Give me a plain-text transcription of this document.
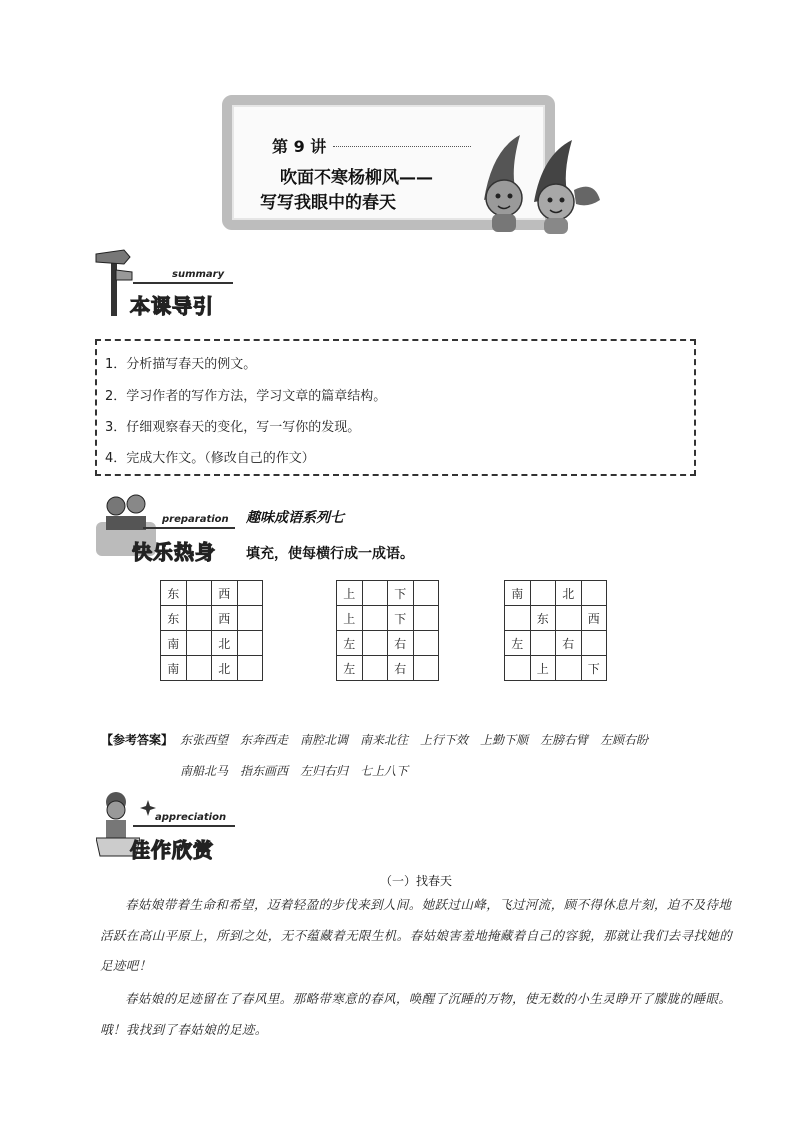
第 9 讲
吹面不寒杨柳风——
写写我眼中的春天
summary
本课导引
1．分析描写春天的例文。
2．学习作者的写作方法，学习文章的篇章结构。
3．仔细观察春天的变化，写一写你的发现。
4．完成大作文。（修改自己的作文）
preparation
快乐热身
趣味成语系列七
填充，使每横行成一成语。
东		西	
东		西	
南		北	
南		北	
上		下	
上		下	
左		右	
左		右	
南		北	
	东		西
左		右	
	上		下
【参考答案】 东张西望　东奔西走　南腔北调　南来北往　上行下效　上勤下顺　左膀右臂　左顾右盼
南船北马　指东画西　左归右归　七上八下
appreciation
佳作欣赏
（一）找春天
春姑娘带着生命和希望，迈着轻盈的步伐来到人间。她跃过山峰，飞过河流，顾不得休息片刻，迫不及待地活跃在高山平原上，所到之处，无不蕴藏着无限生机。春姑娘害羞地掩藏着自己的容貌，那就让我们去寻找她的足迹吧！
春姑娘的足迹留在了春风里。那略带寒意的春风，唤醒了沉睡的万物，使无数的小生灵睁开了朦胧的睡眼。哦！我找到了春姑娘的足迹。
